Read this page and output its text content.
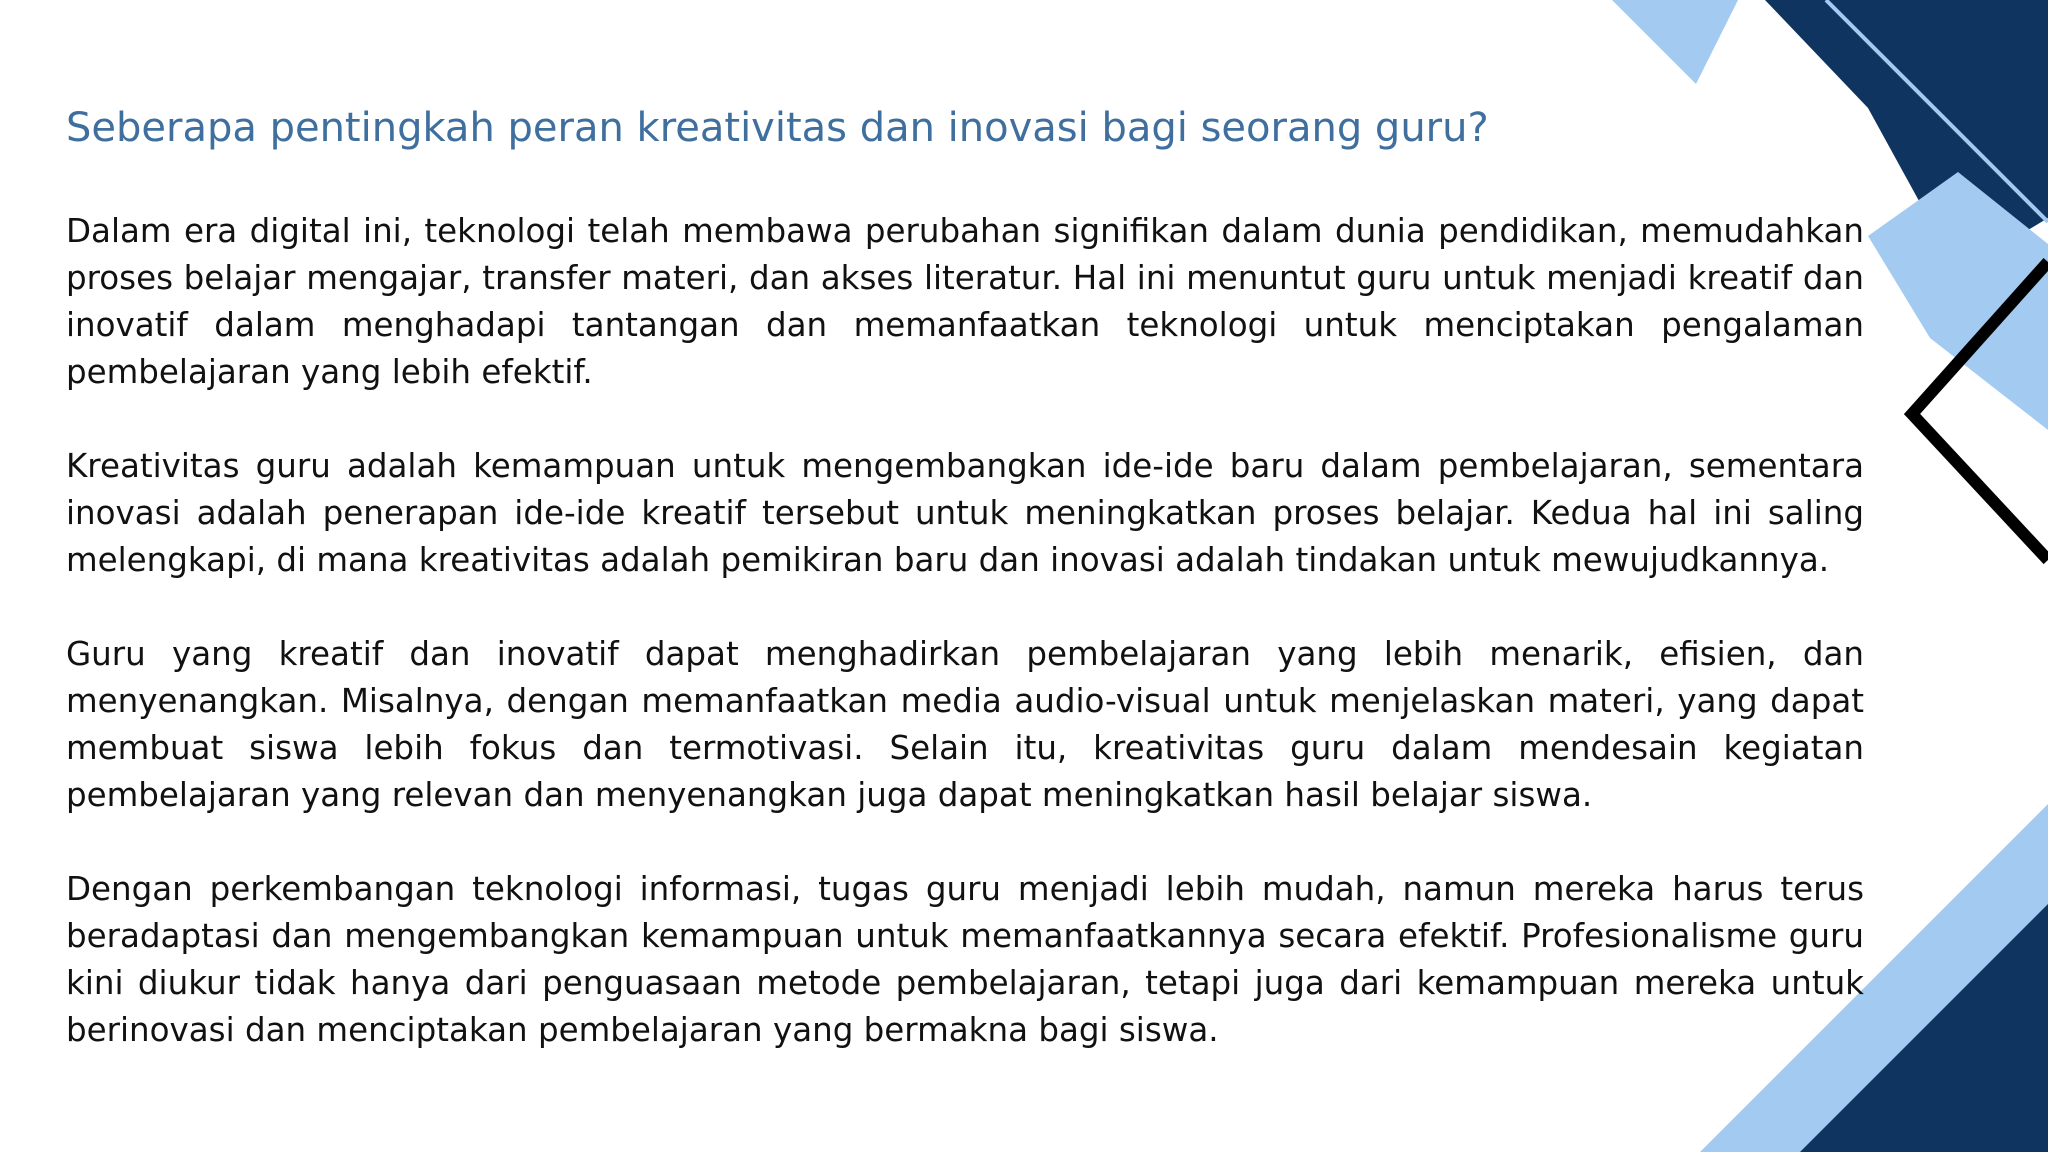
Seberapa pentingkah peran kreativitas dan inovasi bagi seorang guru?

Dalam era digital ini, teknologi telah membawa perubahan signifikan dalam dunia pendidikan, memudahkan proses belajar mengajar, transfer materi, dan akses literatur. Hal ini menuntut guru untuk menjadi kreatif dan inovatif dalam menghadapi tantangan dan memanfaatkan teknologi untuk menciptakan pengalaman pembelajaran yang lebih efektif.

Kreativitas guru adalah kemampuan untuk mengembangkan ide-ide baru dalam pembelajaran, sementara inovasi adalah penerapan ide-ide kreatif tersebut untuk meningkatkan proses belajar. Kedua hal ini saling melengkapi, di mana kreativitas adalah pemikiran baru dan inovasi adalah tindakan untuk mewujudkannya.

Guru yang kreatif dan inovatif dapat menghadirkan pembelajaran yang lebih menarik, efisien, dan menyenangkan. Misalnya, dengan memanfaatkan media audio-visual untuk menjelaskan materi, yang dapat membuat siswa lebih fokus dan termotivasi. Selain itu, kreativitas guru dalam mendesain kegiatan pembelajaran yang relevan dan menyenangkan juga dapat meningkatkan hasil belajar siswa.

Dengan perkembangan teknologi informasi, tugas guru menjadi lebih mudah, namun mereka harus terus beradaptasi dan mengembangkan kemampuan untuk memanfaatkannya secara efektif. Profesionalisme guru kini diukur tidak hanya dari penguasaan metode pembelajaran, tetapi juga dari kemampuan mereka untuk berinovasi dan menciptakan pembelajaran yang bermakna bagi siswa.
